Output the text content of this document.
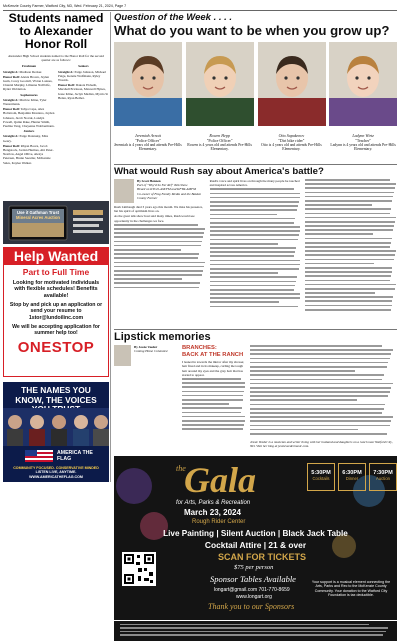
McKenzie County Farmer, Watford City, ND, Wed. February 21, 2024, Page 7
Students named to Alexander Honor Roll
Alexander High School students named to the Honor Roll for the second quarter are as follows:

Freshmen

Straight A: Madison Decker.

Honor Roll: Alexis Brown, Jaylen Gum, Corey Goodall, Vivian Lonnes, Chantal Murphy, Lilianna NaWolfe, Ryder Wobletton.

Sophomores

Straight A: Marlow Kline, Tyler Westermann.

Honor Roll: Tehya Cape, Alex Holtstrom, Benjamin Montano, Jayden Johnson, Jacob Novak, Landyn Powell, Quinn Rake, Hunter Smith, Paulina Vang, Cheyenne Wobbermann.

Juniors

Straight A: Paige Dolensky, Mira Geary.

Honor Roll: Rhyan Bacza, Jacob Hengstock, Jordan Hermes, Abi Peter-Nestlow, Angel Ollive, Alexys Petersen, Brunn Seestler, McKenzie Sales, Kaylee Walker.

Seniors

Straight A: Paige Johnson, Mickael Paige, Kenzie Wolfmann, Ryley Wosick.

Honor Roll: Dakota Eicketh, Marshall Erickson, Maxwell Hynes, Jesse Kline, Jaclyn Madisn, Myrria St Helen, Ryan Beiber.

Use it Gathman Trust
Mineral Acres Auction
Help Wanted
Part to Full Time
Looking for motivated individuals with flexible schedules! Benefits available!
Stop by and pick up an application or send your resume to 1stor@lundoilinc.com
We will be accepting application for summer help too!
ONESTOP
THE NAMES YOU KNOW, THE VOICES
AMERICA THE FLAG
COMMUNITY FOCUSED. CONSERVATIVE MINDED
LISTEN LIVE, ANYTIME.
WWW.AMERICATHEFLAG.COM
Question of the Week . . . .
What do you want to be when you grow up?
Jeremiah Arnott
"Police Officer"
Jeremiah is 4 years old and attends Pre-Hills Elementary.
Rowen Hepp
"Police Officer"
Rowen is 4 years old and attends Pre-Hills Elementary.
Otto Sapakenov
"Dirt bike rider"
Otto is 4 years old and attends Pre-Hills Elementary.
Ladynn Wirtz
"Teacher"
Ladynn is 4 years old and attends Pre-Hills Elementary.
What would Rush say about America's battle?
By Scott Hennen
Part of "Why'd So Far Ref" Talk Show
Heard on KTGO-AM/FM and KFYR-AMFM
Co-owner of Flag Family Media and the Bakken County Farmer

Rush Limbaugh died 3 years ago this month. We miss his presence, but his spirit of optimism lives on.

As the great talk show host said many times, Rush would see opportunity in the challenges we face.

Rush's voice and spirit lives on through the many people he touched and inspired across America.

Lipstick memories
By Jessie Veeder
Coming Home Columnist
BRANCHES:
BACK AT THE RANCH

I leaned in towards the mirror after my shower, hair fixed and in its makeup, curling the tough hair around my eyes and the gray hair that has started to appear.

Jessie Veeder is a musician and writer living with her husband and daughters on a ranch near Watford City, ND. Visit her blog at jessieveedermusic.com.

the
Gala
for Arts, Parks & Recreation
March 23, 2024
Rough Rider Center
5:30PM
Cocktails
6:30PM
Dinner
7:30PM
Auction
Live Painting | Silent Auction | Black Jack Table
Cocktail Attire | 21 & over
SCAN FOR TICKETS
$75 per person
Sponsor Tables Available
longart@gmail.com 701-770-8659
www.longart.org
Your support is a musical element connecting the Arts, Parks and Rec to the McKenzie County Community. Your donation to the Watford City Foundation is tax deductible.
Thank you to our Sponsors
